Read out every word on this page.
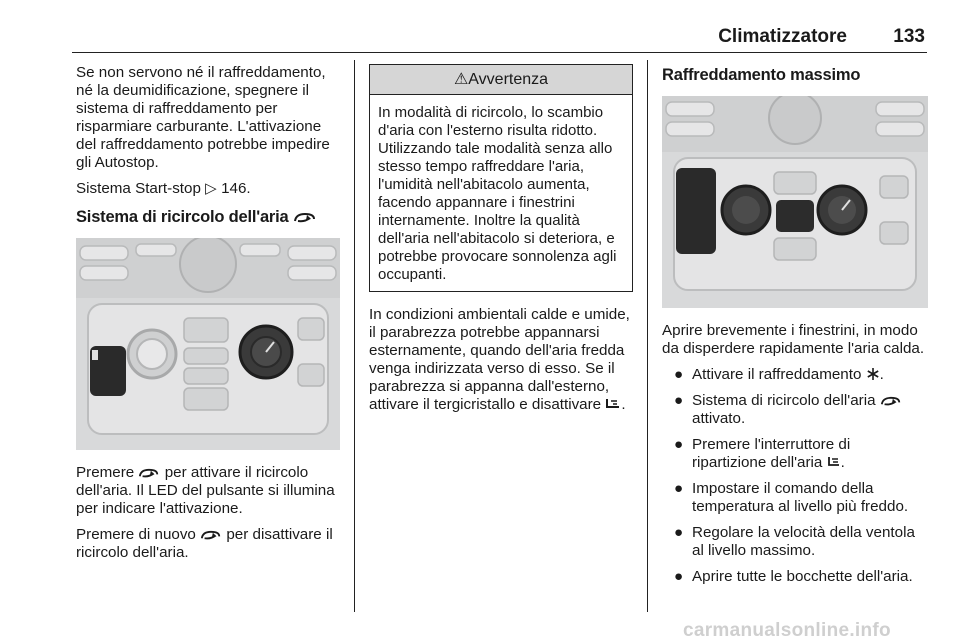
Climatizzatore 133

Se non servono né il raffreddamento, né la deumidificazione, spegnere il sistema di raffreddamento per risparmiare carburante. L'attivazione del raffreddamento potrebbe impedire gli Autostop.

Sistema Start-stop ▷ 146.

Sistema di ricircolo dell'aria

Premere per attivare il ricircolo dell'aria. Il LED del pulsante si illumina per indicare l'attivazione.

Premere di nuovo per disattivare il ricircolo dell'aria.

⚠Avvertenza
In modalità di ricircolo, lo scambio d'aria con l'esterno risulta ridotto. Utilizzando tale modalità senza allo stesso tempo raffreddare l'aria, l'umidità nell'abitacolo aumenta, facendo appannare i finestrini internamente. Inoltre la qualità dell'aria nell'abitacolo si deteriora, e potrebbe provocare sonnolenza agli occupanti.

In condizioni ambientali calde e umide, il parabrezza potrebbe appannarsi esternamente, quando dell'aria fredda venga indirizzata verso di esso. Se il parabrezza si appanna dall'esterno, attivare il tergicristallo e disattivare .

Raffreddamento massimo

Aprire brevemente i finestrini, in modo da disperdere rapidamente l'aria calda.

● Attivare il raffreddamento .
● Sistema di ricircolo dell'aria  attivato.
● Premere l'interruttore di ripartizione dell'aria .
● Impostare il comando della temperatura al livello più freddo.
● Regolare la velocità della ventola al livello massimo.
● Aprire tutte le bocchette dell'aria.
carmanualsonline.info
